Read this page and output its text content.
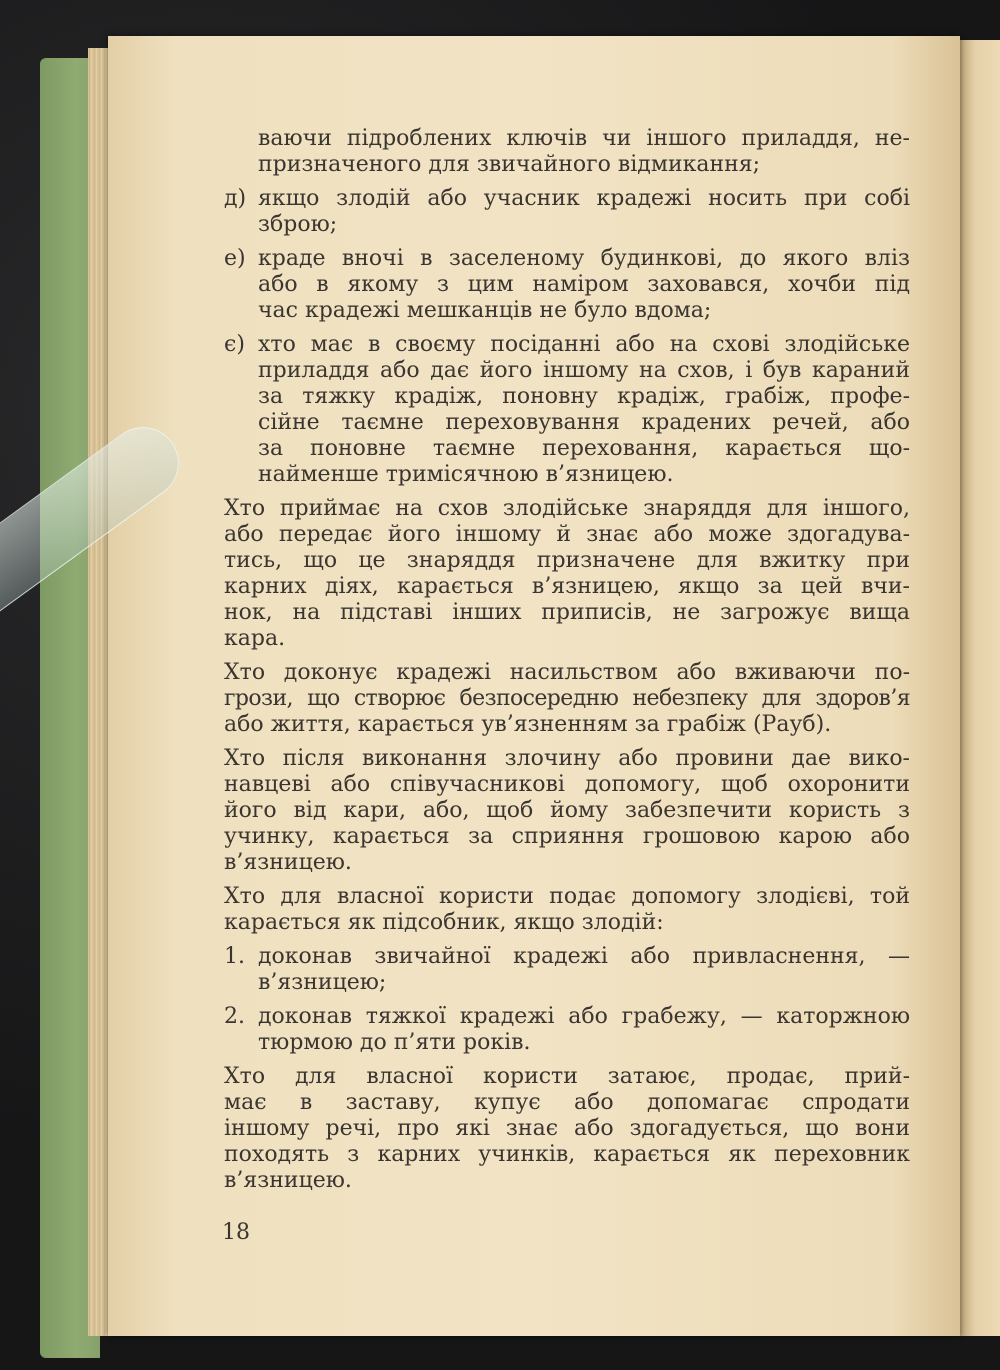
ваючи підроблених ключів чи іншого приладдя, не-
призначеного для звичайного відмикання;
д) якщо злодій або учасник крадежі носить при собі
зброю;
е) краде вночі в заселеному будинкові, до якого вліз
або в якому з цим наміром заховався, хочби під
час крадежі мешканців не було вдома;
є) хто має в своєму посіданні або на схові злодійське
приладдя або дає його іншому на схов, і був караний
за тяжку крадіж, поновну крадіж, грабіж, профе-
сійне таємне переховування крадених речей, або
за поновне таємне переховання, карається що-
найменше тримісячною в’язницею.
Хто приймає на схов злодійське знаряддя для іншого,
або передає його іншому й знає або може здогадува-
тись, що це знаряддя призначене для вжитку при
карних діях, карається в’язницею, якщо за цей вчи-
нок, на підставі інших приписів, не загрожує вища
кара.
Хто доконує крадежі насильством або вживаючи по-
грози, що створює безпосередню небезпеку для здоров’я
або життя, карається ув’язненням за грабіж (Рауб).
Хто після виконання злочину або провини дае вико-
навцеві або співучасникові допомогу, щоб охоронити
його від кари, або, щоб йому забезпечити користь з
учинку, карається за сприяння грошовою карою або
в’язницею.
Хто для власної користи подає допомогу злодієві, той
карається як підсобник, якщо злодій:
1. доконав звичайної крадежі або привласнення, —
в’язницею;
2. доконав тяжкої крадежі або грабежу, — каторжною
тюрмою до п’яти років.
Хто для власної користи затаює, продає, прий-
має в заставу, купує або допомагає спродати
іншому речі, про які знає або здогадується, що вони
походять з карних учинків, карається як переховник
в’язницею.
18
